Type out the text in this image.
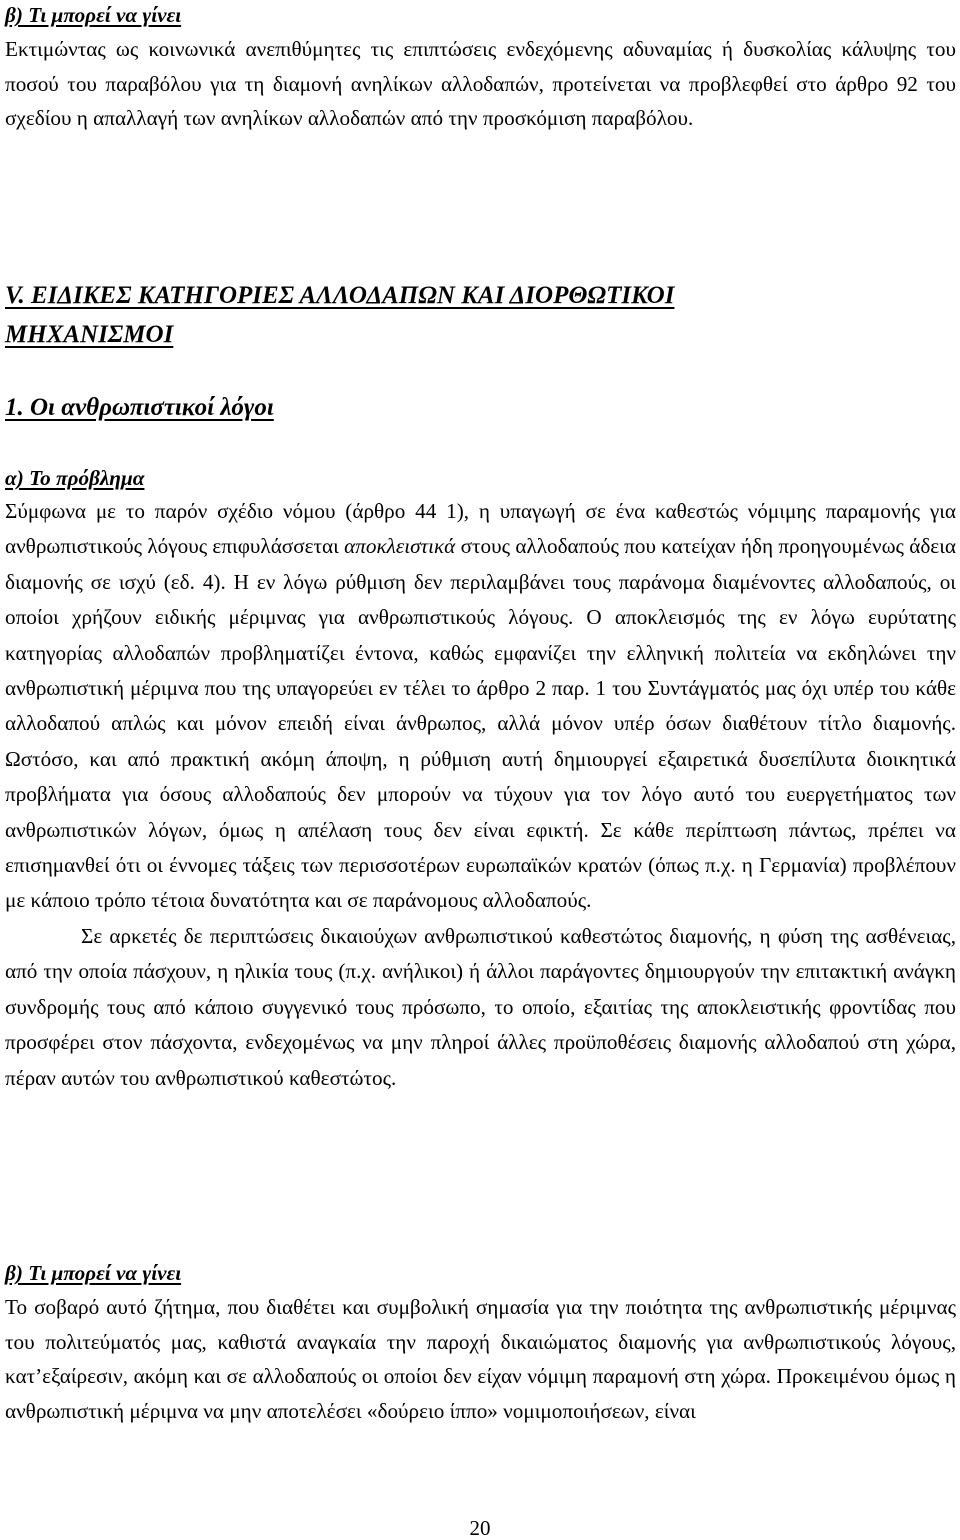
β) Τι μπορεί να γίνει

Εκτιμώντας ως κοινωνικά ανεπιθύμητες τις επιπτώσεις ενδεχόμενης αδυναμίας ή δυσκολίας κάλυψης του ποσού του παραβόλου για τη διαμονή ανηλίκων αλλοδαπών, προτείνεται να προβλεφθεί στο άρθρο 92 του σχεδίου η απαλλαγή των ανηλίκων αλλοδαπών από την προσκόμιση παραβόλου.

V. ΕΙΔΙΚΕΣ ΚΑΤΗΓΟΡΙΕΣ ΑΛΛΟΔΑΠΩΝ ΚΑΙ ΔΙΟΡΘΩΤΙΚΟΙ
ΜΗΧΑΝΙΣΜΟΙ
1. Οι ανθρωπιστικοί λόγοι
α) Το πρόβλημα

Σύμφωνα με το παρόν σχέδιο νόμου (άρθρο 44 1), η υπαγωγή σε ένα καθεστώς νόμιμης παραμονής για ανθρωπιστικούς λόγους επιφυλάσσεται αποκλειστικά στους αλλοδαπούς που κατείχαν ήδη προηγουμένως άδεια διαμονής σε ισχύ (εδ. 4). Η εν λόγω ρύθμιση δεν περιλαμβάνει τους παράνομα διαμένοντες αλλοδαπούς, οι οποίοι χρήζουν ειδικής μέριμνας για ανθρωπιστικούς λόγους. Ο αποκλεισμός της εν λόγω ευρύτατης κατηγορίας αλλοδαπών προβληματίζει έντονα, καθώς εμφανίζει την ελληνική πολιτεία να εκδηλώνει την ανθρωπιστική μέριμνα που της υπαγορεύει εν τέλει το άρθρο 2 παρ. 1 του Συντάγματός μας όχι υπέρ του κάθε αλλοδαπού απλώς και μόνον επειδή είναι άνθρωπος, αλλά μόνον υπέρ όσων διαθέτουν τίτλο διαμονής. Ωστόσο, και από πρακτική ακόμη άποψη, η ρύθμιση αυτή δημιουργεί εξαιρετικά δυσεπίλυτα διοικητικά προβλήματα για όσους αλλοδαπούς δεν μπορούν να τύχουν για τον λόγο αυτό του ευεργετήματος των ανθρωπιστικών λόγων, όμως η απέλαση τους δεν είναι εφικτή. Σε κάθε περίπτωση πάντως, πρέπει να επισημανθεί ότι οι έννομες τάξεις των περισσοτέρων ευρωπαϊκών κρατών (όπως π.χ. η Γερμανία) προβλέπουν με κάποιο τρόπο τέτοια δυνατότητα και σε παράνομους αλλοδαπούς.

Σε αρκετές δε περιπτώσεις δικαιούχων ανθρωπιστικού καθεστώτος διαμονής, η φύση της ασθένειας, από την οποία πάσχουν, η ηλικία τους (π.χ. ανήλικοι) ή άλλοι παράγοντες δημιουργούν την επιτακτική ανάγκη συνδρομής τους από κάποιο συγγενικό τους πρόσωπο, το οποίο, εξαιτίας της αποκλειστικής φροντίδας που προσφέρει στον πάσχοντα, ενδεχομένως να μην πληροί άλλες προϋποθέσεις διαμονής αλλοδαπού στη χώρα, πέραν αυτών του ανθρωπιστικού καθεστώτος.

β) Τι μπορεί να γίνει

Το σοβαρό αυτό ζήτημα, που διαθέτει και συμβολική σημασία για την ποιότητα της ανθρωπιστικής μέριμνας του πολιτεύματός μας, καθιστά αναγκαία την παροχή δικαιώματος διαμονής για ανθρωπιστικούς λόγους, κατ’εξαίρεσιν, ακόμη και σε αλλοδαπούς οι οποίοι δεν είχαν νόμιμη παραμονή στη χώρα. Προκειμένου όμως η ανθρωπιστική μέριμνα να μην αποτελέσει «δούρειο ίππο» νομιμοποιήσεων, είναι

20
